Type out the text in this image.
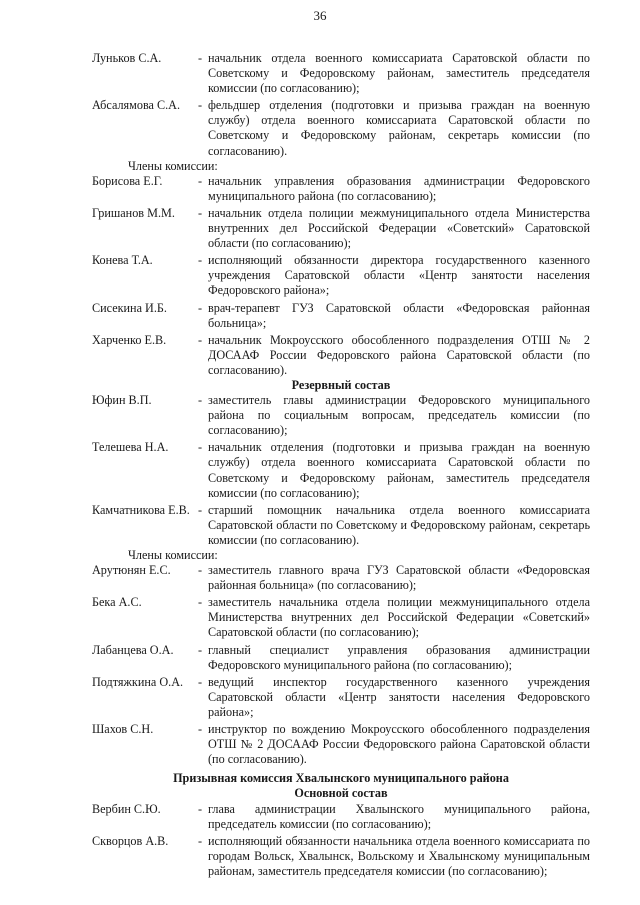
36
Луньков С.А.	- начальник отдела военного комиссариата Саратовской области по Советскому и Федоровскому районам, заместитель председателя комиссии (по согласованию);
Абсалямова С.А. - фельдшер отделения (подготовки и призыва граждан на военную службу) отдела военного комиссариата Саратовской области по Советскому и Федоровскому районам, секретарь комиссии (по согласованию).
Члены комиссии:
Борисова Е.Г.	- начальник управления образования администрации Федоровского муниципального района (по согласованию);
Гришанов М.М. - начальник отдела полиции межмуниципального отдела Министерства внутренних дел Российской Федерации «Советский» Саратовской области (по согласованию);
Конева Т.А.	- исполняющий обязанности директора государственного казенного учреждения Саратовской области «Центр занятости населения Федоровского района»;
Сисекина И.Б.	- врач-терапевт ГУЗ Саратовской области «Федоровская районная больница»;
Харченко Е.В.	- начальник Мокроусского обособленного подразделения ОТШ № 2 ДОСААФ России Федоровского района Саратовской области (по согласованию).
Резервный состав
Юфин В.П.	- заместитель главы администрации Федоровского муниципального района по социальным вопросам, председатель комиссии (по согласованию);
Телешева Н.А. - начальник отделения (подготовки и призыва граждан на военную службу) отдела военного комиссариата Саратовской области по Советскому и Федоровскому районам, заместитель председателя комиссии (по согласованию);
Камчатникова Е.В. - старший помощник начальника отдела военного комиссариата Саратовской области по Советскому и Федоровскому районам, секретарь комиссии (по согласованию).
Члены комиссии:
Арутюнян Е.С. - заместитель главного врача ГУЗ Саратовской области «Федоровская районная больница» (по согласованию);
Бека А.С.	- заместитель начальника отдела полиции межмуниципального отдела Министерства внутренних дел Российской Федерации «Советский» Саратовской области (по согласованию);
Лабанцева О.А. - главный специалист управления образования администрации Федоровского муниципального района (по согласованию);
Подтяжкина О.А. - ведущий инспектор государственного казенного учреждения Саратовской области «Центр занятости населения Федоровского района»;
Шахов С.Н.	- инструктор по вождению Мокроусского обособленного подразделения ОТШ № 2 ДОСААФ России Федоровского района Саратовской области (по согласованию).
Призывная комиссия Хвалынского муниципального района
Основной состав
Вербин С.Ю.	- глава администрации Хвалынского муниципального района, председатель комиссии (по согласованию);
Скворцов А.В. - исполняющий обязанности начальника отдела военного комиссариата по городам Вольск, Хвалынск, Вольскому и Хвалынскому муниципальным районам, заместитель председателя комиссии (по согласованию);
